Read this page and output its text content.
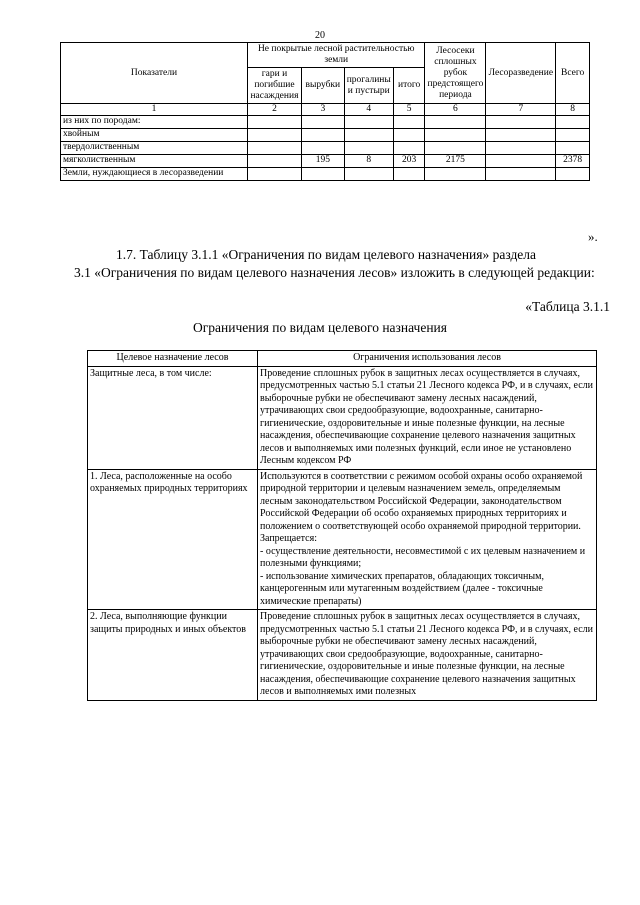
20
Показатели	Не покрытые лесной растительностью земли				Лесосеки сплошных рубок предстоящего периода	Лесоразведение	Всего
	гари и погибшие насаждения	вырубки	прогалины и пустыри	итого			
1	2	3	4	5	6	7	8
из них по породам:							
хвойным							
твердолиственным							
мягколиственным		195	8	203	2175		2378
Земли, нуждающиеся в лесоразведении							
».
1.7. Таблицу 3.1.1 «Ограничения по видам целевого назначения» раздела
3.1 «Ограничения по видам целевого назначения лесов» изложить в следующей редакции:
«Таблица 3.1.1
Ограничения по видам целевого назначения
Целевое назначение лесов	Ограничения использования лесов
Защитные леса, в том числе:	Проведение сплошных рубок в защитных лесах осуществляется в случаях, предусмотренных частью 5.1 статьи 21 Лесного кодекса РФ, и в случаях, если выборочные рубки не обеспечивают замену лесных насаждений, утрачивающих свои средообразующие, водоохранные, санитарно-гигиенические, оздоровительные и иные полезные функции, на лесные насаждения, обеспечивающие сохранение целевого назначения защитных лесов и выполняемых ими полезных функций, если иное не установлено Лесным кодексом РФ

1. Леса, расположенные на особо охраняемых природных территориях	Используются в соответствии с режимом особой охраны особо охраняемой природной территории и целевым назначением земель, определяемым лесным законодательством Российской Федерации, законодательством Российской Федерации об особо охраняемых природных территориях и положением о соответствующей особо охраняемой природной территории.
Запрещается:
- осуществление деятельности, несовместимой с их целевым назначением и полезными функциями;
- использование химических препаратов, обладающих токсичным, канцерогенным или мутагенным воздействием (далее - токсичные химические препараты)

2. Леса, выполняющие функции защиты природных и иных объектов	Проведение сплошных рубок в защитных лесах осуществляется в случаях, предусмотренных частью 5.1 статьи 21 Лесного кодекса РФ, и в случаях, если выборочные рубки не обеспечивают замену лесных насаждений, утрачивающих свои средообразующие, водоохранные, санитарно-гигиенические, оздоровительные и иные полезные функции, на лесные насаждения, обеспечивающие сохранение целевого назначения защитных лесов и выполняемых ими полезных
